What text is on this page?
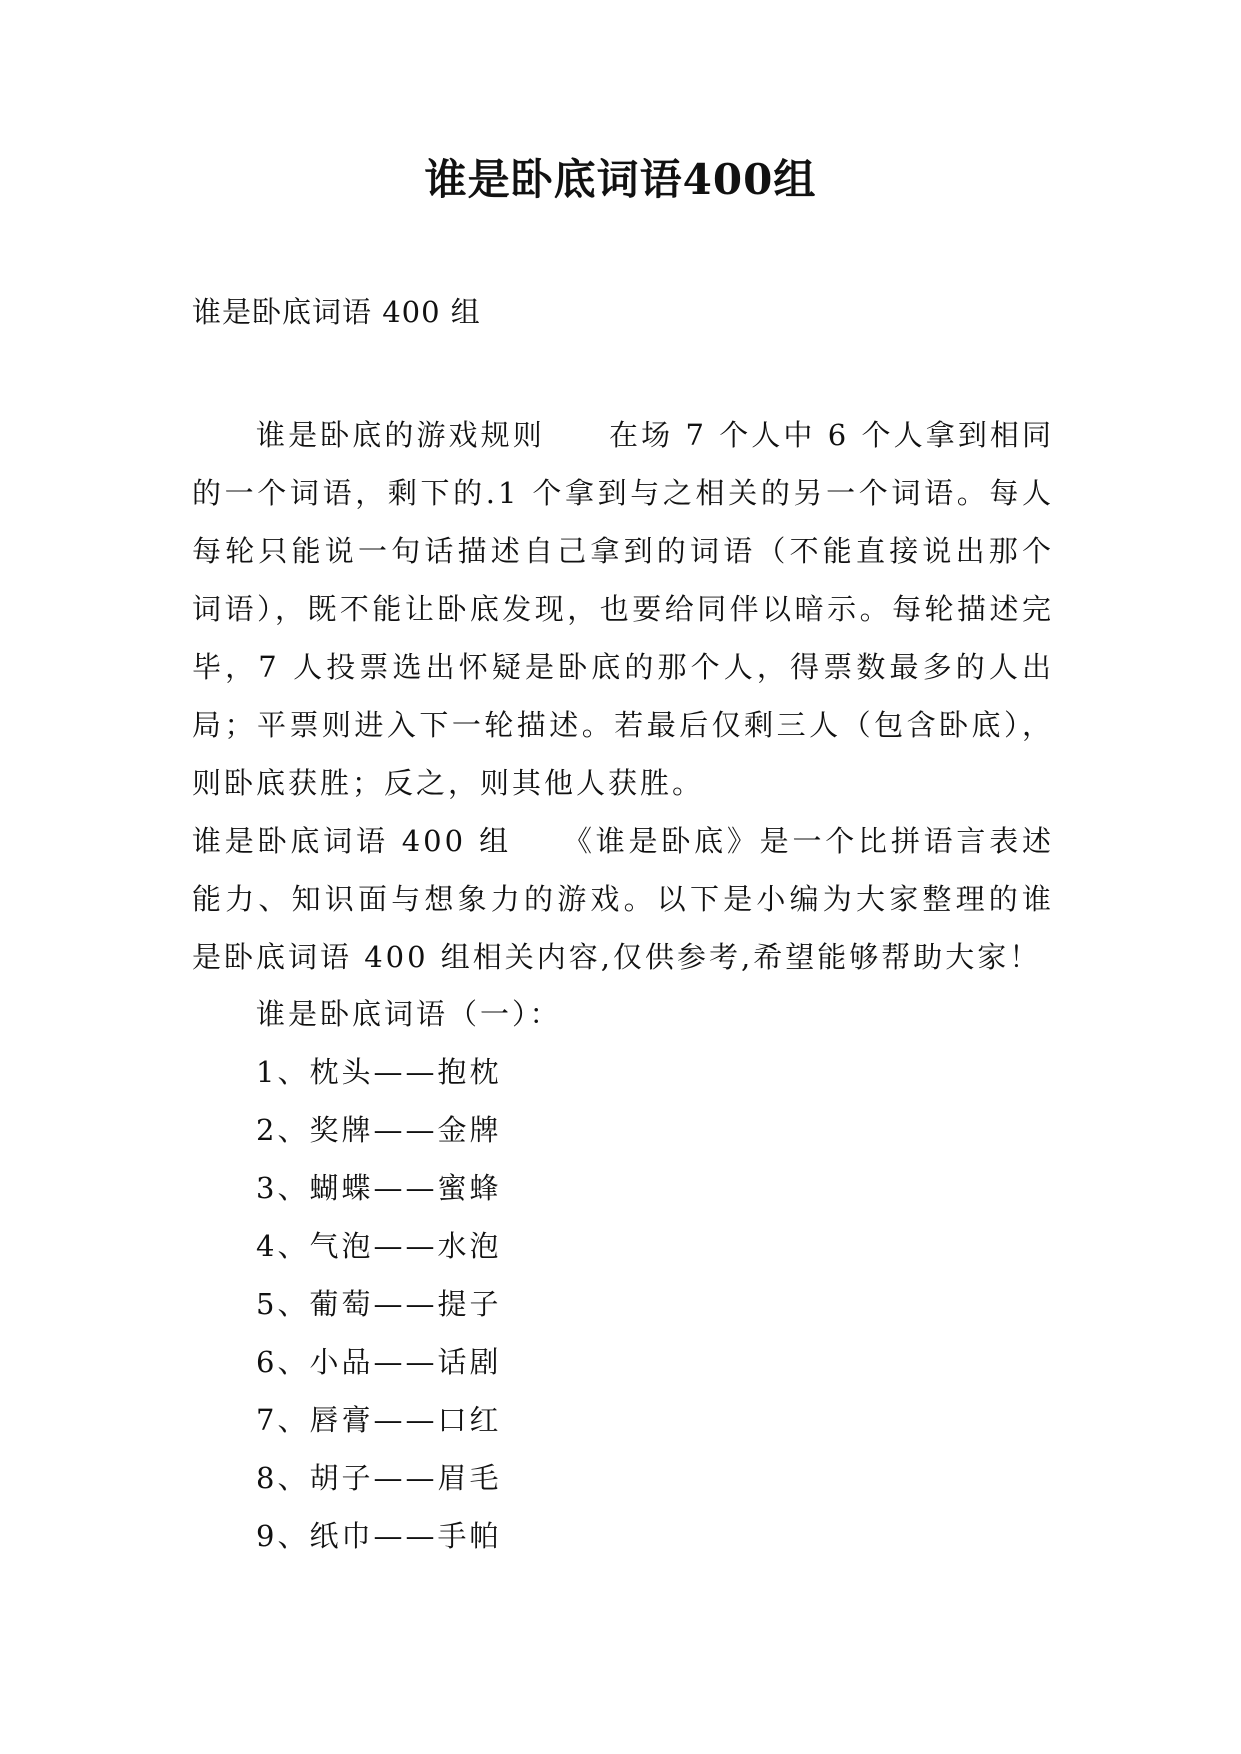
谁是卧底词语400组

谁是卧底词语 400 组

谁是卧底的游戏规则　　在场 7 个人中 6 个人拿到相同的一个词语，剩下的.1 个拿到与之相关的另一个词语。每人每轮只能说一句话描述自己拿到的词语（不能直接说出那个词语），既不能让卧底发现，也要给同伴以暗示。每轮描述完毕，7 人投票选出怀疑是卧底的那个人，得票数最多的人出局；平票则进入下一轮描述。若最后仅剩三人（包含卧底），则卧底获胜；反之，则其他人获胜。

谁是卧底词语 400 组　　《谁是卧底》是一个比拼语言表述能力、知识面与想象力的游戏。以下是小编为大家整理的谁是卧底词语 400 组相关内容,仅供参考,希望能够帮助大家！

谁是卧底词语（一）：

1、枕头——抱枕
2、奖牌——金牌
3、蝴蝶——蜜蜂
4、气泡——水泡
5、葡萄——提子
6、小品——话剧
7、唇膏——口红
8、胡子——眉毛
9、纸巾——手帕
